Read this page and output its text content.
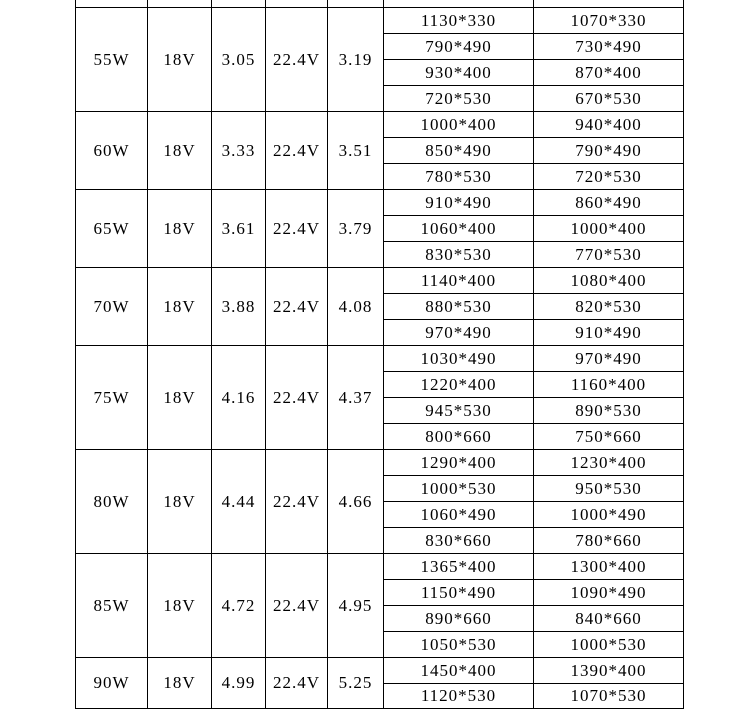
55W	18V	3.05	22.4V	3.19	1130*330	1070*330
					790*490	730*490
					930*400	870*400
					720*530	670*530
60W	18V	3.33	22.4V	3.51	1000*400	940*400
					850*490	790*490
					780*530	720*530
65W	18V	3.61	22.4V	3.79	910*490	860*490
					1060*400	1000*400
					830*530	770*530
70W	18V	3.88	22.4V	4.08	1140*400	1080*400
					880*530	820*530
					970*490	910*490
75W	18V	4.16	22.4V	4.37	1030*490	970*490
					1220*400	1160*400
					945*530	890*530
					800*660	750*660
80W	18V	4.44	22.4V	4.66	1290*400	1230*400
					1000*530	950*530
					1060*490	1000*490
					830*660	780*660
85W	18V	4.72	22.4V	4.95	1365*400	1300*400
					1150*490	1090*490
					890*660	840*660
					1050*530	1000*530
90W	18V	4.99	22.4V	5.25	1450*400	1390*400
					1120*530	1070*530
